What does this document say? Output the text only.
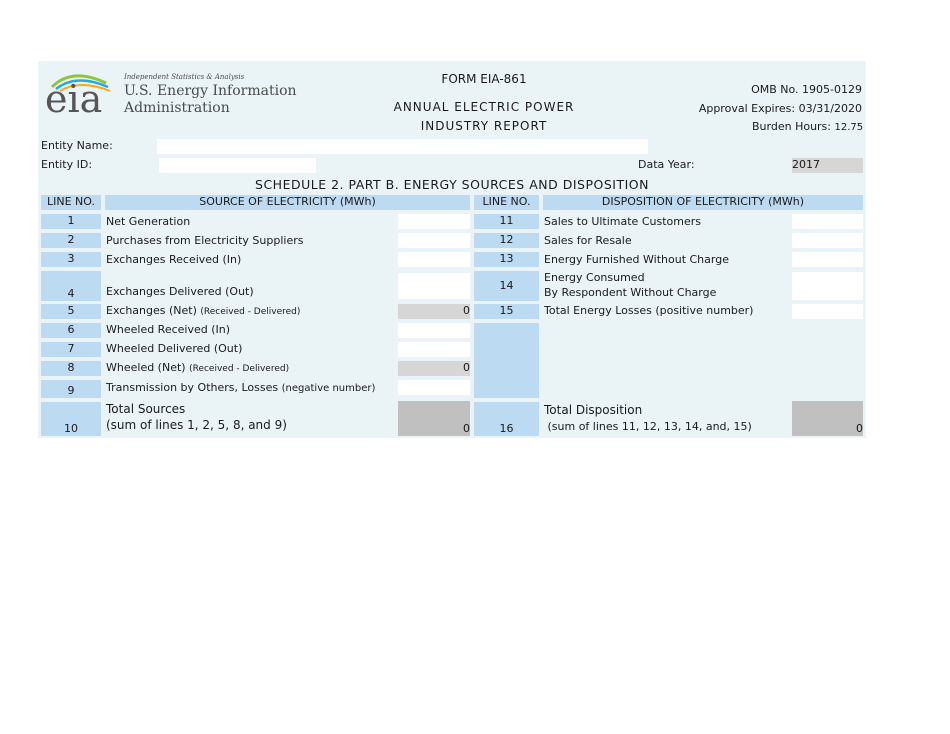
eia	Independent Statistics & Analysis
U.S. Energy Information
Administration
FORM EIA-861
ANNUAL ELECTRIC POWER
INDUSTRY REPORT
OMB No. 1905-0129
Approval Expires: 03/31/2020
Burden Hours: 12.75
Entity Name:
Entity ID:	Data Year:	2017
SCHEDULE 2. PART B. ENERGY SOURCES AND DISPOSITION
LINE NO.	SOURCE OF ELECTRICITY (MWh)	LINE NO.	DISPOSITION OF ELECTRICITY (MWh)
1	Net Generation
2	Purchases from Electricity Suppliers
3	Exchanges Received (In)
4	Exchanges Delivered (Out)
5	Exchanges (Net) (Received - Delivered)	0
6	Wheeled Received (In)
7	Wheeled Delivered (Out)
8	Wheeled (Net) (Received - Delivered)	0
9	Transmission by Others, Losses (negative number)
10
Total Sources
(sum of lines 1, 2, 5, 8, and 9)	0
11	Sales to Ultimate Customers
12	Sales for Resale
13	Energy Furnished Without Charge
14
Energy Consumed
By Respondent Without Charge
15	Total Energy Losses (positive number)
16
Total Disposition
(sum of lines 11, 12, 13, 14, and, 15)	0
